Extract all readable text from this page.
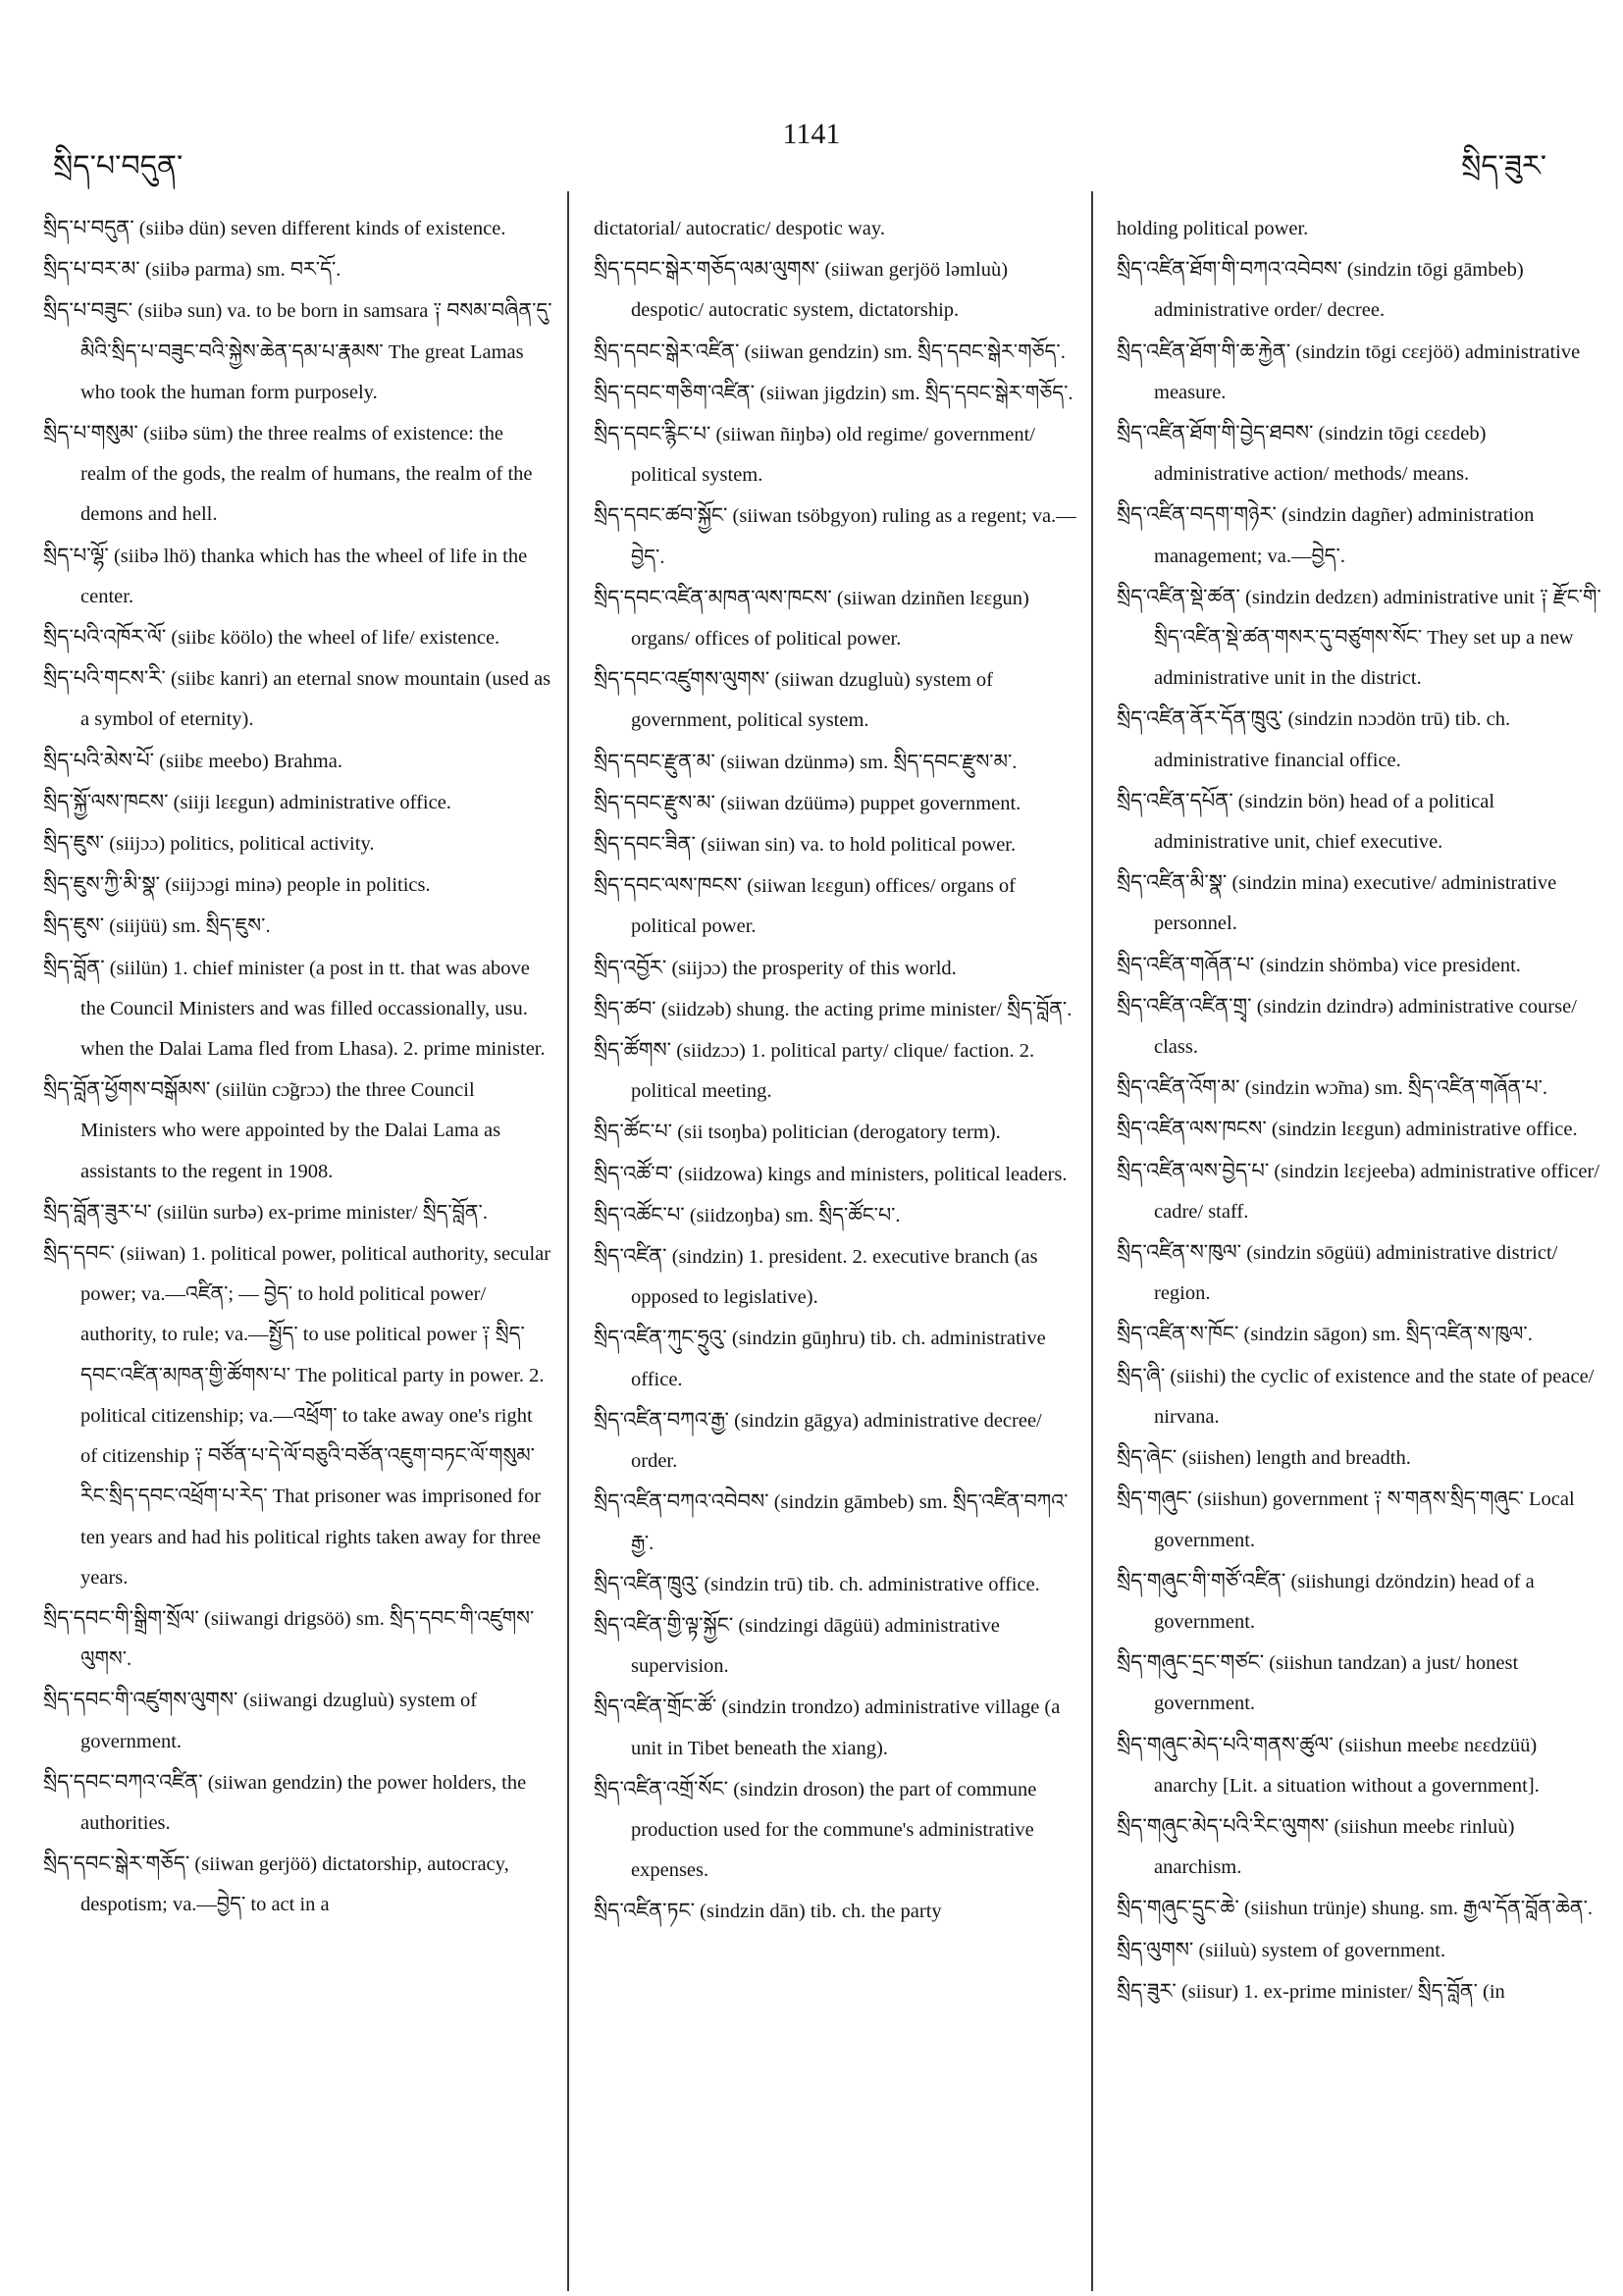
སྲིད་པ་བདུན་
1141
སྲིད་ཟུར་
སྲིད་པ་བདུན་ (siibə dün) seven different kinds of existence.
སྲིད་པ་བར་མ་ (siibə parma) sm. བར་དོ་.
སྲིད་པ་བཟུང་ (siibə sun) va. to be born in samsara ༑ བསམ་བཞིན་དུ་མིའི་སྲིད་པ་བཟུང་བའི་སྐྱེས་ཆེན་དམ་པ་རྣམས་ The great Lamas who took the human form purposely.
སྲིད་པ་གསུམ་ (siibə süm) the three realms of existence: the realm of the gods, the realm of humans, the realm of the demons and hell.
སྲིད་པ་ལྷོ་ (siibə lhö) thanka which has the wheel of life in the center.
སྲིད་པའི་འཁོར་ལོ་ (siibɛ köölo) the wheel of life/ existence.
སྲིད་པའི་གངས་རི་ (siibɛ kanri) an eternal snow mountain (used as a symbol of eternity).
སྲིད་པའི་མེས་པོ་ (siibɛ meebo) Brahma.
སྲིད་སྐྱོ་ལས་ཁངས་ (siiji lɛɛgun) administrative office.
སྲིད་ཇུས་ (siijɔɔ) politics, political activity.
སྲིད་ཇུས་ཀྱི་མི་སྣ་ (siijɔɔgi minə) people in politics.
སྲིད་ཇུས་ (siijüü) sm. སྲིད་ཇུས་.
སྲིད་བློན་ (siilün) 1. chief minister (a post in tt. that was above the Council Ministers and was filled occassionally, usu. when the Dalai Lama fled from Lhasa). 2. prime minister.
སྲིད་བློན་ཕྱོགས་བསྒོམས་ (siilün cɔ̃grɔɔ) the three Council Ministers who were appointed by the Dalai Lama as assistants to the regent in 1908.
སྲིད་བློན་ཟུར་པ་ (siilün surbə) ex-prime minister/ སྲིད་བློན་.
སྲིད་དབང་ (siiwan) 1. political power, political authority, secular power; va.—འཛིན་; — བྱེད་ to hold political power/ authority, to rule; va.—སྤྱོད་ to use political power ༑ སྲིད་དབང་འཛིན་མཁན་གྱི་ཚོགས་པ་ The political party in power. 2. political citizenship; va.—འཕྲོག་ to take away one's right of citizenship ༑ བཙོན་པ་དེ་ལོ་བཅུའི་བཙོན་འཇུག་བཏང་ལོ་གསུམ་རིང་སྲིད་དབང་འཕྲོག་པ་རེད་ That prisoner was imprisoned for ten years and had his political rights taken away for three years.
སྲིད་དབང་གི་སྒྲིག་སྲོལ་ (siiwangi drigsöö) sm. སྲིད་དབང་གི་འཛུགས་ལུགས་.
སྲིད་དབང་གི་འཛུགས་ལུགས་ (siiwangi dzugluù) system of government.
སྲིད་དབང་བཀའ་འཛིན་ (siiwan gendzin) the power holders, the authorities.
སྲིད་དབང་སྒེར་གཅོད་ (siiwan gerjöö) dictatorship, autocracy, despotism; va.—བྱེད་ to act in a
dictatorial/ autocratic/ despotic way.
སྲིད་དབང་སྒེར་གཅོད་ལམ་ལུགས་ (siiwan gerjöö ləmluù) despotic/ autocratic system, dictatorship.
སྲིད་དབང་སྒེར་འཛིན་ (siiwan gendzin) sm. སྲིད་དབང་སྒེར་གཅོད་.
སྲིད་དབང་གཅིག་འཛིན་ (siiwan jigdzin) sm. སྲིད་དབང་སྒེར་གཅོད་.
སྲིད་དབང་རྙིང་པ་ (siiwan ñiŋbə) old regime/ government/ political system.
སྲིད་དབང་ཚབ་སྐྱོང་ (siiwan tsöbgyon) ruling as a regent; va.—བྱེད་.
སྲིད་དབང་འཛིན་མཁན་ལས་ཁངས་ (siiwan dzinñen lɛɛgun) organs/ offices of political power.
སྲིད་དབང་འཛུགས་ལུགས་ (siiwan dzugluù) system of government, political system.
སྲིད་དབང་རྫུན་མ་ (siiwan dzünmə) sm. སྲིད་དབང་རྫུས་མ་.
སྲིད་དབང་རྫུས་མ་ (siiwan dzüümə) puppet government.
སྲིད་དབང་ཟིན་ (siiwan sin) va. to hold political power.
སྲིད་དབང་ལས་ཁངས་ (siiwan lɛɛgun) offices/ organs of political power.
སྲིད་འབྱོར་ (siijɔɔ) the prosperity of this world.
སྲིད་ཚབ་ (siidzəb) shung. the acting prime minister/ སྲིད་བློན་.
སྲིད་ཚོགས་ (siidzɔɔ) 1. political party/ clique/ faction. 2. political meeting.
སྲིད་ཚོང་པ་ (sii tsoŋba) politician (derogatory term).
སྲིད་འཚོ་བ་ (siidzowa) kings and ministers, political leaders.
སྲིད་འཚོང་པ་ (siidzoŋba) sm. སྲིད་ཚོང་པ་.
སྲིད་འཛིན་ (sindzin) 1. president. 2. executive branch (as opposed to legislative).
སྲིད་འཛིན་ཀུང་ཧྲུའུ་ (sindzin gūŋhru) tib. ch. administrative office.
སྲིད་འཛིན་བཀའ་རྒྱ་ (sindzin gāgya) administrative decree/ order.
སྲིད་འཛིན་བཀའ་འབེབས་ (sindzin gāmbeb) sm. སྲིད་འཛིན་བཀའ་རྒྱ་.
སྲིད་འཛིན་ཁྲུའུ་ (sindzin trū) tib. ch. administrative office.
སྲིད་འཛིན་གྱི་ལྟ་སྐྱོང་ (sindzingi dāgüü) administrative supervision.
སྲིད་འཛིན་གྲོང་ཚོ་ (sindzin trondzo) administrative village (a unit in Tibet beneath the xiang).
སྲིད་འཛིན་འགྲོ་སོང་ (sindzin droson) the part of commune production used for the commune's administrative expenses.
སྲིད་འཛིན་ཏང་ (sindzin dān) tib. ch. the party
holding political power.
སྲིད་འཛིན་ཐོག་གི་བཀའ་འབེབས་ (sindzin tōgi gāmbeb) administrative order/ decree.
སྲིད་འཛིན་ཐོག་གི་ཆ་རྐྱེན་ (sindzin tōgi cɛɛjöö) administrative measure.
སྲིད་འཛིན་ཐོག་གི་བྱེད་ཐབས་ (sindzin tōgi cɛɛdeb) administrative action/ methods/ means.
སྲིད་འཛིན་བདག་གཉེར་ (sindzin dagñer) administration management; va.—བྱེད་.
སྲིད་འཛིན་སྡེ་ཚན་ (sindzin dedzɛn) administrative unit ༑ རྫོང་གི་སྲིད་འཛིན་སྡེ་ཚན་གསར་དུ་བཙུགས་སོང་ They set up a new administrative unit in the district.
སྲིད་འཛིན་ནོར་དོན་ཁྲུའུ་ (sindzin nɔɔdön trū) tib. ch. administrative financial office.
སྲིད་འཛིན་དཔོན་ (sindzin bön) head of a political administrative unit, chief executive.
སྲིད་འཛིན་མི་སྣ་ (sindzin mina) executive/ administrative personnel.
སྲིད་འཛིན་གཞོན་པ་ (sindzin shömba) vice president.
སྲིད་འཛིན་འཛིན་གྲྭ་ (sindzin dzindrə) administrative course/ class.
སྲིད་འཛིན་འོག་མ་ (sindzin wɔ̃ma) sm. སྲིད་འཛིན་གཞོན་པ་.
སྲིད་འཛིན་ལས་ཁངས་ (sindzin lɛɛgun) administrative office.
སྲིད་འཛིན་ལས་བྱེད་པ་ (sindzin lɛɛjeeba) administrative officer/ cadre/ staff.
སྲིད་འཛིན་ས་ཁུལ་ (sindzin sōgüü) administrative district/ region.
སྲིད་འཛིན་ས་ཁོང་ (sindzin sāgon) sm. སྲིད་འཛིན་ས་ཁུལ་.
སྲིད་ཞི་ (siishi) the cyclic of existence and the state of peace/ nirvana.
སྲིད་ཞེང་ (siishen) length and breadth.
སྲིད་གཞུང་ (siishun) government ༑ ས་གནས་སྲིད་གཞུང་ Local government.
སྲིད་གཞུང་གི་གཙོ་འཛིན་ (siishungi dzöndzin) head of a government.
སྲིད་གཞུང་དྲང་གཙང་ (siishun tandzan) a just/ honest government.
སྲིད་གཞུང་མེད་པའི་གནས་ཚུལ་ (siishun meebɛ nɛɛdzüü) anarchy [Lit. a situation without a government].
སྲིད་གཞུང་མེད་པའི་རིང་ལུགས་ (siishun meebɛ rinluù) anarchism.
སྲིད་གཞུང་དྲུང་ཆེ་ (siishun trünje) shung. sm. རྒྱལ་དོན་བློན་ཆེན་.
སྲིད་ལུགས་ (siiluù) system of government.
སྲིད་ཟུར་ (siisur) 1. ex-prime minister/ སྲིད་བློན་ (in
